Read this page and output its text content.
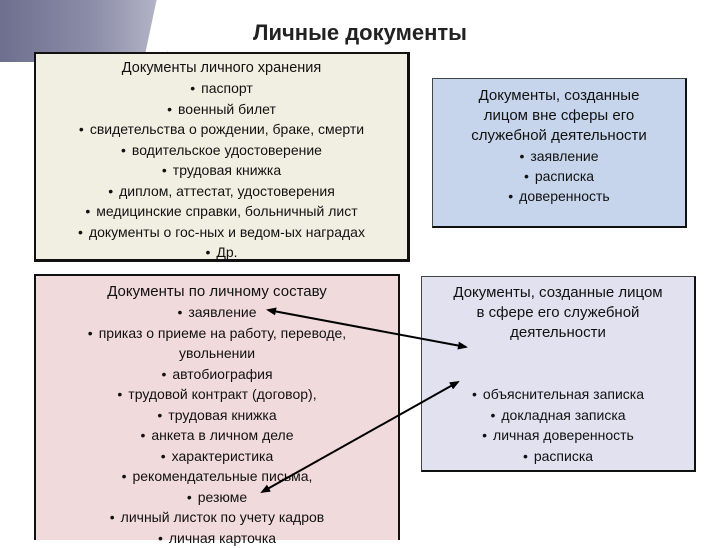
Личные документы
Документы личного хранения
• паспорт
• военный билет
• свидетельства о рождении, браке, смерти
• водительское удостоверение
• трудовая книжка
• диплом, аттестат, удостоверения
• медицинские справки, больничный лист
• документы о гос-ных и ведом-ых наградах
• Др.
Документы, созданные
лицом вне сферы его
служебной деятельности
• заявление
• расписка
• доверенность
Документы по личному составу
• заявление
• приказ о приеме на работу, переводе,
увольнении
• автобиография
• трудовой контракт (договор),
• трудовая книжка
• анкета в личном деле
• характеристика
• рекомендательные письма,
• резюме
• личный листок по учету кадров
• личная карточка
Документы, созданные лицом
в сфере его служебной
деятельности
• объяснительная записка
• докладная записка
• личная доверенность
• расписка
